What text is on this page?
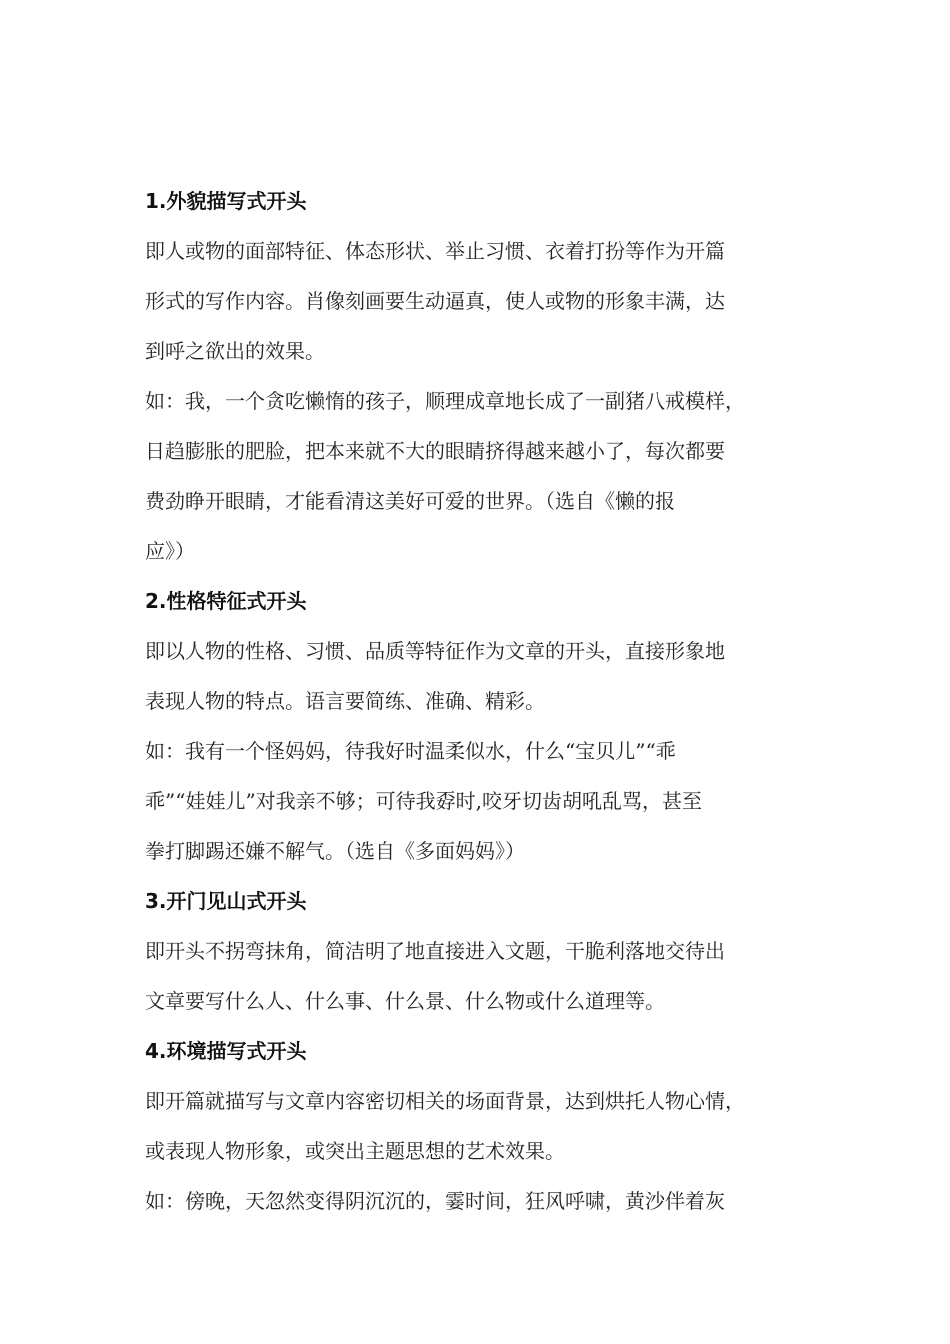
1.外貌描写式开头
即人或物的面部特征、体态形状、举止习惯、衣着打扮等作为开篇
形式的写作内容。肖像刻画要生动逼真，使人或物的形象丰满，达
到呼之欲出的效果。
如：我，一个贪吃懒惰的孩子，顺理成章地长成了一副猪八戒模样，
日趋膨胀的肥脸，把本来就不大的眼睛挤得越来越小了，每次都要
费劲睁开眼睛，才能看清这美好可爱的世界。（选自《懒的报
应》）
2.性格特征式开头
即以人物的性格、习惯、品质等特征作为文章的开头，直接形象地
表现人物的特点。语言要简练、准确、精彩。
如：我有一个怪妈妈，待我好时温柔似水，什么“宝贝儿”“乖
乖”“娃娃儿”对我亲不够；可待我孬时,咬牙切齿胡吼乱骂，甚至
拳打脚踢还嫌不解气。（选自《多面妈妈》）
3.开门见山式开头
即开头不拐弯抹角，简洁明了地直接进入文题，干脆利落地交待出
文章要写什么人、什么事、什么景、什么物或什么道理等。
4.环境描写式开头
即开篇就描写与文章内容密切相关的场面背景，达到烘托人物心情，
或表现人物形象，或突出主题思想的艺术效果。
如：傍晚，天忽然变得阴沉沉的，霎时间，狂风呼啸，黄沙伴着灰
